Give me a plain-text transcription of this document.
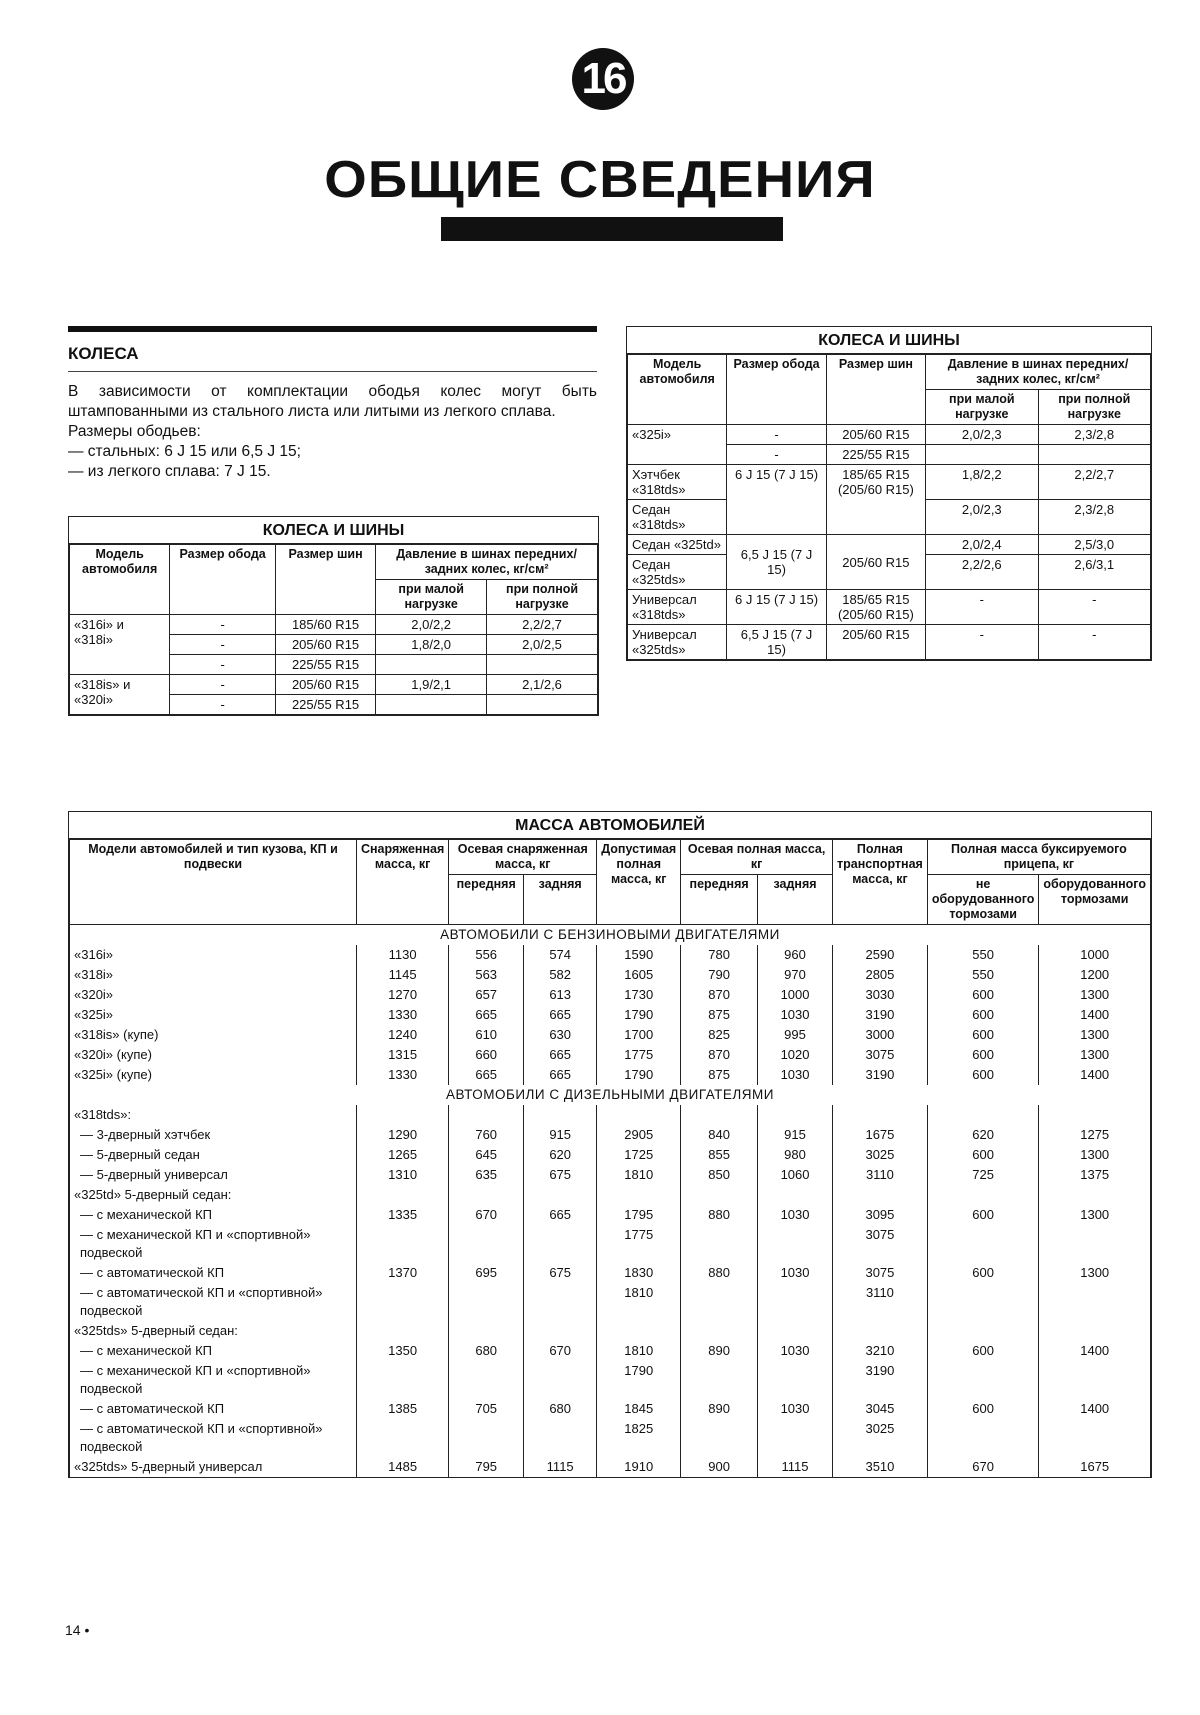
16
ОБЩИЕ СВЕДЕНИЯ
КОЛЕСА

В зависимости от комплектации ободья колес могут быть штампованными из стального листа или литыми из легкого сплава.

Размеры ободьев:

— стальных: 6 J 15 или 6,5 J 15;

— из легкого сплава: 7 J 15.

КОЛЕСА И ШИНЫ
Модель автомобиля	Размер обода	Размер шин	Давление в шинах передних/задних колес, кг/см²	
			при малой нагрузке	при полной нагрузке
«316i» и «318i»	-	185/60 R15	2,0/2,2	2,2/2,7
	-	205/60 R15	1,8/2,0	2,0/2,5
	-	225/55 R15		
«318is» и «320i»	-	205/60 R15	1,9/2,1	2,1/2,6
	-	225/55 R15		
КОЛЕСА И ШИНЫ
Модель автомобиля	Размер обода	Размер шин	Давление в шинах передних/задних колес, кг/см²	
			при малой нагрузке	при полной нагрузке
«325i»	-	205/60 R15	2,0/2,3	2,3/2,8
	-	225/55 R15		
Хэтчбек «318tds»	6 J 15 (7 J 15)	185/65 R15 (205/60 R15)	1,8/2,2	2,2/2,7
Седан «318tds»			2,0/2,3	2,3/2,8
Седан «325td»	6,5 J 15 (7 J 15)	205/60 R15	2,0/2,4	2,5/3,0
Седан «325tds»			2,2/2,6	2,6/3,1
Универсал «318tds»	6 J 15 (7 J 15)	185/65 R15 (205/60 R15)	-	-
Универсал «325tds»	6,5 J 15 (7 J 15)	205/60 R15	-	-
МАССА АВТОМОБИЛЕЙ
Модели автомобилей и тип кузова, КП и подвески	Снаряженная масса, кг	Осевая снаряженная масса, кг		Допустимая полная масса, кг	Осевая полная масса, кг		Полная транспортная масса, кг	Полная масса буксируемого прицепа, кг	
		передняя	задняя		передняя	задняя		не оборудованного тормозами	оборудованного тормозами
АВТОМОБИЛИ С БЕНЗИНОВЫМИ ДВИГАТЕЛЯМИ									
«316i»	1130	556	574	1590	780	960	2590	550	1000
«318i»	1145	563	582	1605	790	970	2805	550	1200
«320i»	1270	657	613	1730	870	1000	3030	600	1300
«325i»	1330	665	665	1790	875	1030	3190	600	1400
«318is» (купе)	1240	610	630	1700	825	995	3000	600	1300
«320i» (купе)	1315	660	665	1775	870	1020	3075	600	1300
«325i» (купе)	1330	665	665	1790	875	1030	3190	600	1400
АВТОМОБИЛИ С ДИЗЕЛЬНЫМИ ДВИГАТЕЛЯМИ									
«318tds»:									
— 3-дверный хэтчбек	1290	760	915	2905	840	915	1675	620	1275
— 5-дверный седан	1265	645	620	1725	855	980	3025	600	1300
— 5-дверный универсал	1310	635	675	1810	850	1060	3110	725	1375
«325td» 5-дверный седан:									
— с механической КП	1335	670	665	1795	880	1030	3095	600	1300
— с механической КП и «спортивной» подвеской				1775			3075		
— с автоматической КП	1370	695	675	1830	880	1030	3075	600	1300
— с автоматической КП и «спортивной» подвеской				1810			3110		
«325tds» 5-дверный седан:									
— с механической КП	1350	680	670	1810	890	1030	3210	600	1400
— с механической КП и «спортивной» подвеской				1790			3190		
— с автоматической КП	1385	705	680	1845	890	1030	3045	600	1400
— с автоматической КП и «спортивной» подвеской				1825			3025		
«325tds» 5-дверный универсал	1485	795	1115	1910	900	1115	3510	670	1675
14 •
